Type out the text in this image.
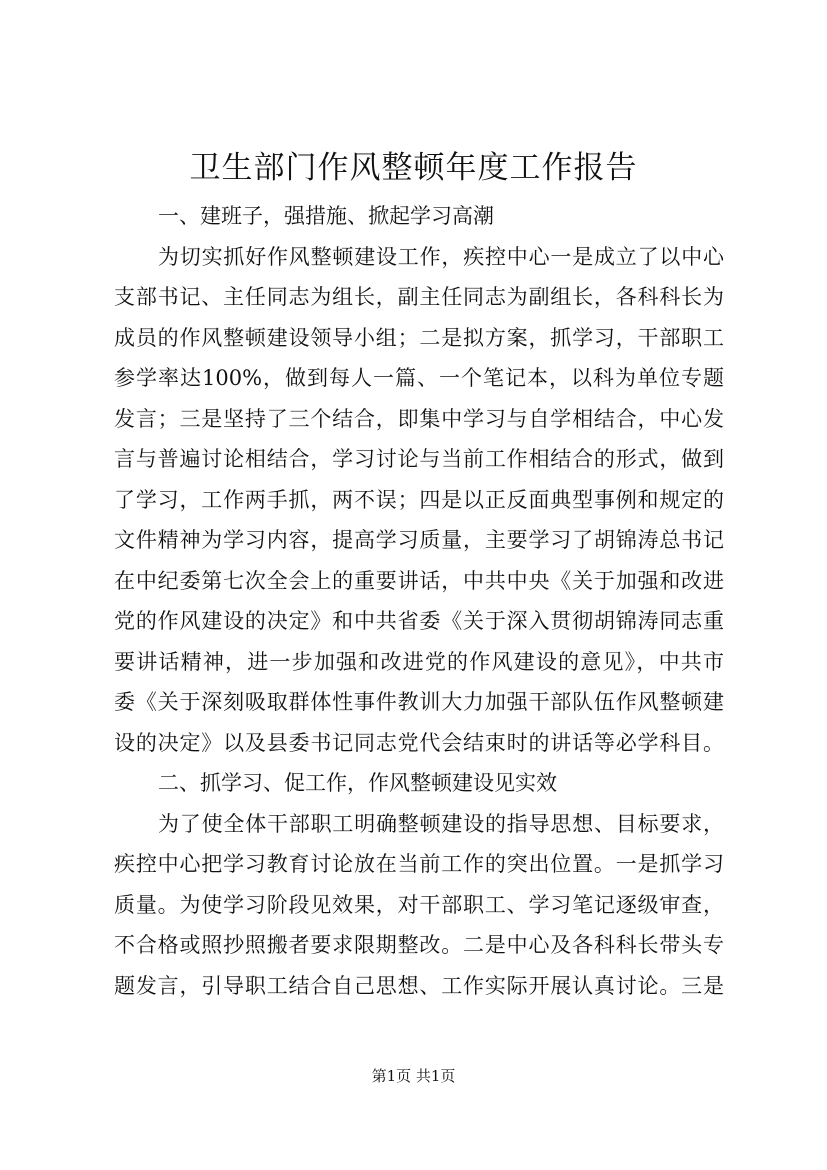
卫生部门作风整顿年度工作报告
一、建班子，强措施、掀起学习高潮
为切实抓好作风整顿建设工作，疾控中心一是成立了以中心
支部书记、主任同志为组长，副主任同志为副组长，各科科长为
成员的作风整顿建设领导小组；二是拟方案，抓学习，干部职工
参学率达100%，做到每人一篇、一个笔记本，以科为单位专题
发言；三是坚持了三个结合，即集中学习与自学相结合，中心发
言与普遍讨论相结合，学习讨论与当前工作相结合的形式，做到
了学习，工作两手抓，两不误；四是以正反面典型事例和规定的
文件精神为学习内容，提高学习质量，主要学习了胡锦涛总书记
在中纪委第七次全会上的重要讲话，中共中央《关于加强和改进
党的作风建设的决定》和中共省委《关于深入贯彻胡锦涛同志重
要讲话精神，进一步加强和改进党的作风建设的意见》，中共市
委《关于深刻吸取群体性事件教训大力加强干部队伍作风整顿建
设的决定》以及县委书记同志党代会结束时的讲话等必学科目。
二、抓学习、促工作，作风整顿建设见实效
为了使全体干部职工明确整顿建设的指导思想、目标要求，
疾控中心把学习教育讨论放在当前工作的突出位置。一是抓学习
质量。为使学习阶段见效果，对干部职工、学习笔记逐级审查，
不合格或照抄照搬者要求限期整改。二是中心及各科科长带头专
题发言，引导职工结合自己思想、工作实际开展认真讨论。三是
第1页 共1页
